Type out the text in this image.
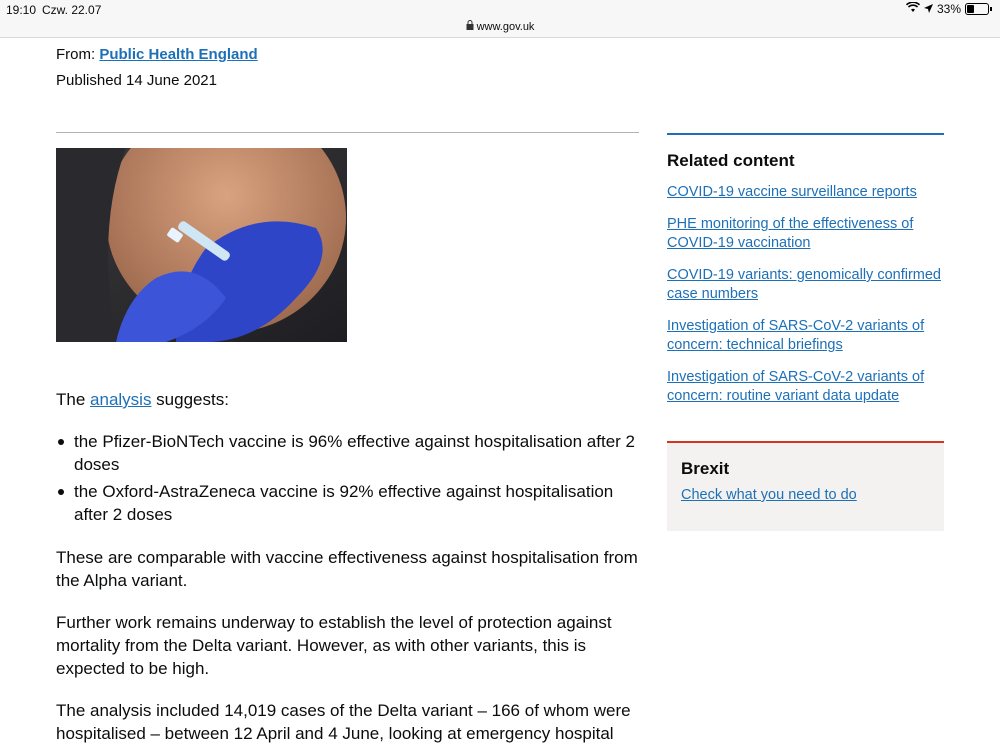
19:10 Czw. 22.07	33%
www.gov.uk
From: Public Health England
Published 14 June 2021
The analysis suggests:
the Pfizer-BioNTech vaccine is 96% effective against hospitalisation after 2 doses
the Oxford-AstraZeneca vaccine is 92% effective against hospitalisation after 2 doses
These are comparable with vaccine effectiveness against hospitalisation from the Alpha variant.
Further work remains underway to establish the level of protection against mortality from the Delta variant. However, as with other variants, this is expected to be high.
The analysis included 14,019 cases of the Delta variant – 166 of whom were hospitalised – between 12 April and 4 June, looking at emergency hospital
Related content
COVID-19 vaccine surveillance reports
PHE monitoring of the effectiveness of COVID-19 vaccination
COVID-19 variants: genomically confirmed case numbers
Investigation of SARS-CoV-2 variants of concern: technical briefings
Investigation of SARS-CoV-2 variants of concern: routine variant data update
Brexit
Check what you need to do
